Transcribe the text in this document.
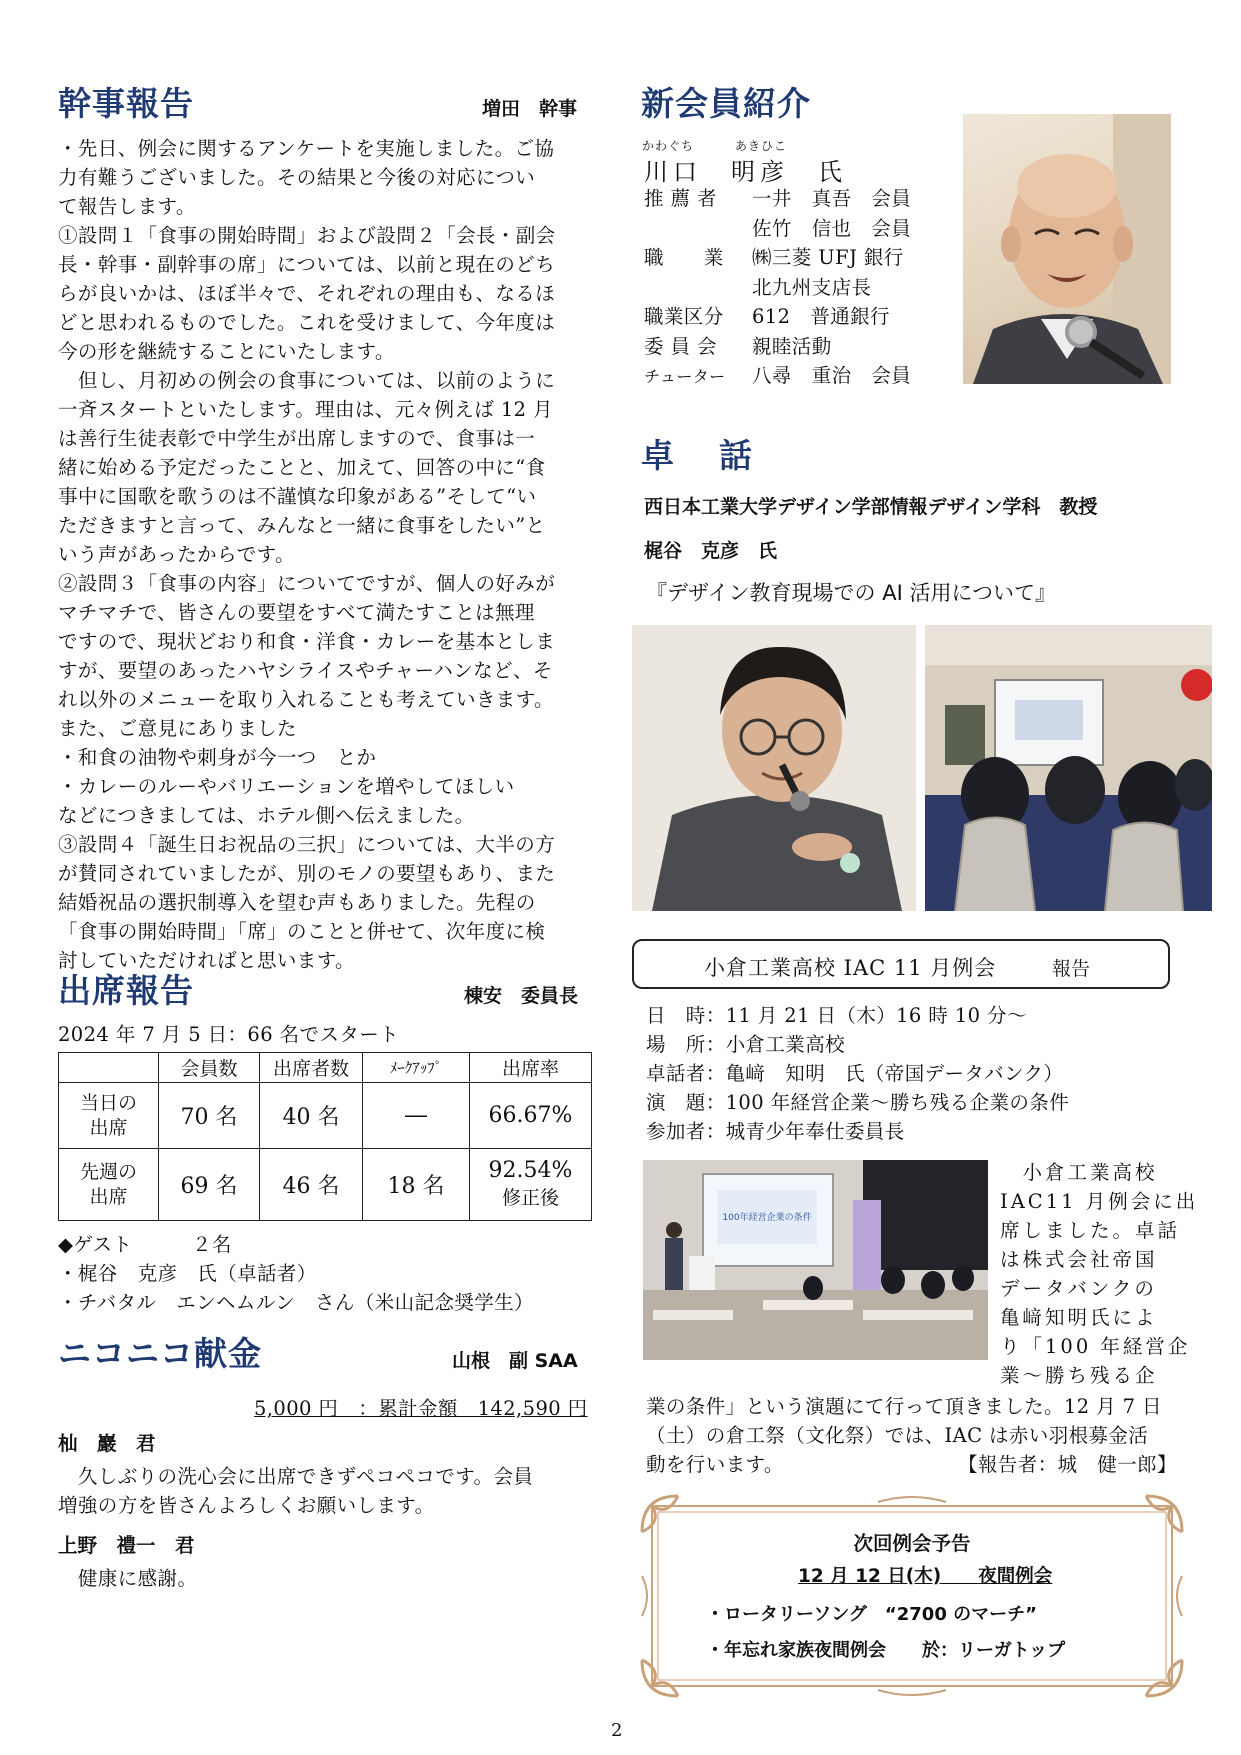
幹事報告	増田　幹事
・先日、例会に関するアンケートを実施しました。ご協
力有難うございました。その結果と今後の対応につい
て報告します。
①設問１「食事の開始時間」および設問２「会長・副会
長・幹事・副幹事の席」については、以前と現在のどち
らが良いかは、ほぼ半々で、それぞれの理由も、なるほ
どと思われるものでした。これを受けまして、今年度は
今の形を継続することにいたします。
　但し、月初めの例会の食事については、以前のように
一斉スタートといたします。理由は、元々例えば 12 月
は善行生徒表彰で中学生が出席しますので、食事は一
緒に始める予定だったことと、加えて、回答の中に“食
事中に国歌を歌うのは不謹慎な印象がある”そして“い
ただきますと言って、みんなと一緒に食事をしたい”と
いう声があったからです。
②設問３「食事の内容」についてですが、個人の好みが
マチマチで、皆さんの要望をすべて満たすことは無理
ですので、現状どおり和食・洋食・カレーを基本としま
すが、要望のあったハヤシライスやチャーハンなど、そ
れ以外のメニューを取り入れることも考えていきます。
また、ご意見にありました
・和食の油物や刺身が今一つ　とか
・カレーのルーやバリエーションを増やしてほしい
などにつきましては、ホテル側へ伝えました。
③設問４「誕生日お祝品の三択」については、大半の方
が賛同されていましたが、別のモノの要望もあり、また
結婚祝品の選択制導入を望む声もありました。先程の
「食事の開始時間」「席」のことと併せて、次年度に検
討していただければと思います。
出席報告	棟安　委員長
2024 年 7 月 5 日：66 名でスタート
	会員数	出席者数	ﾒｰｸｱｯﾌﾟ	出席率
当日の
出席	70 名	40 名	―	66.67%
先週の
出席	69 名	46 名	18 名	92.54%
修正後
◆ゲスト　　　２名
・梶谷　克彦　氏（卓話者）
・チバタル　エンヘムルン　さん（米山記念奨学生）
ニコニコ献金	山根　副 SAA
5,000 円　：累計金額　142,590 円
杣　巖　君
　久しぶりの洗心会に出席できずペコペコです。会員
増強の方を皆さんよろしくお願いします。
上野　禮一　君
　健康に感謝。
新会員紹介
かわぐち	あきひこ
川口　明彦　氏
推 薦 者 一井　真吾　会員
佐竹　信也　会員
職　　業 ㈱三菱 UFJ 銀行
北九州支店長
職業区分 612　普通銀行
委 員 会 親睦活動
チューター 八尋　重治　会員
卓　話
西日本工業大学デザイン学部情報デザイン学科　教授
梶谷　克彦　氏
『デザイン教育現場での AI 活用について』
小倉工業高校 IAC 11 月例会	報告
日　時：11 月 21 日（木）16 時 10 分～
場　所：小倉工業高校
卓話者：亀﨑　知明　氏（帝国データバンク）
演　題：100 年経営企業～勝ち残る企業の条件
参加者：城青少年奉仕委員長
100年経営企業の条件
　小倉工業高校
IAC11 月例会に出
席しました。卓話
は株式会社帝国
データバンクの
亀﨑知明氏によ
り「100 年経営企
業～勝ち残る企
業の条件」という演題にて行って頂きました。12 月 7 日
（土）の倉工祭（文化祭）では、IAC は赤い羽根募金活
動を行います。	【報告者：城　健一郎】
次回例会予告
12 月 12 日(木)　　 夜間例会
・ロータリーソング　“2700 のマーチ”
・年忘れ家族夜間例会　　於：リーガトップ
2
